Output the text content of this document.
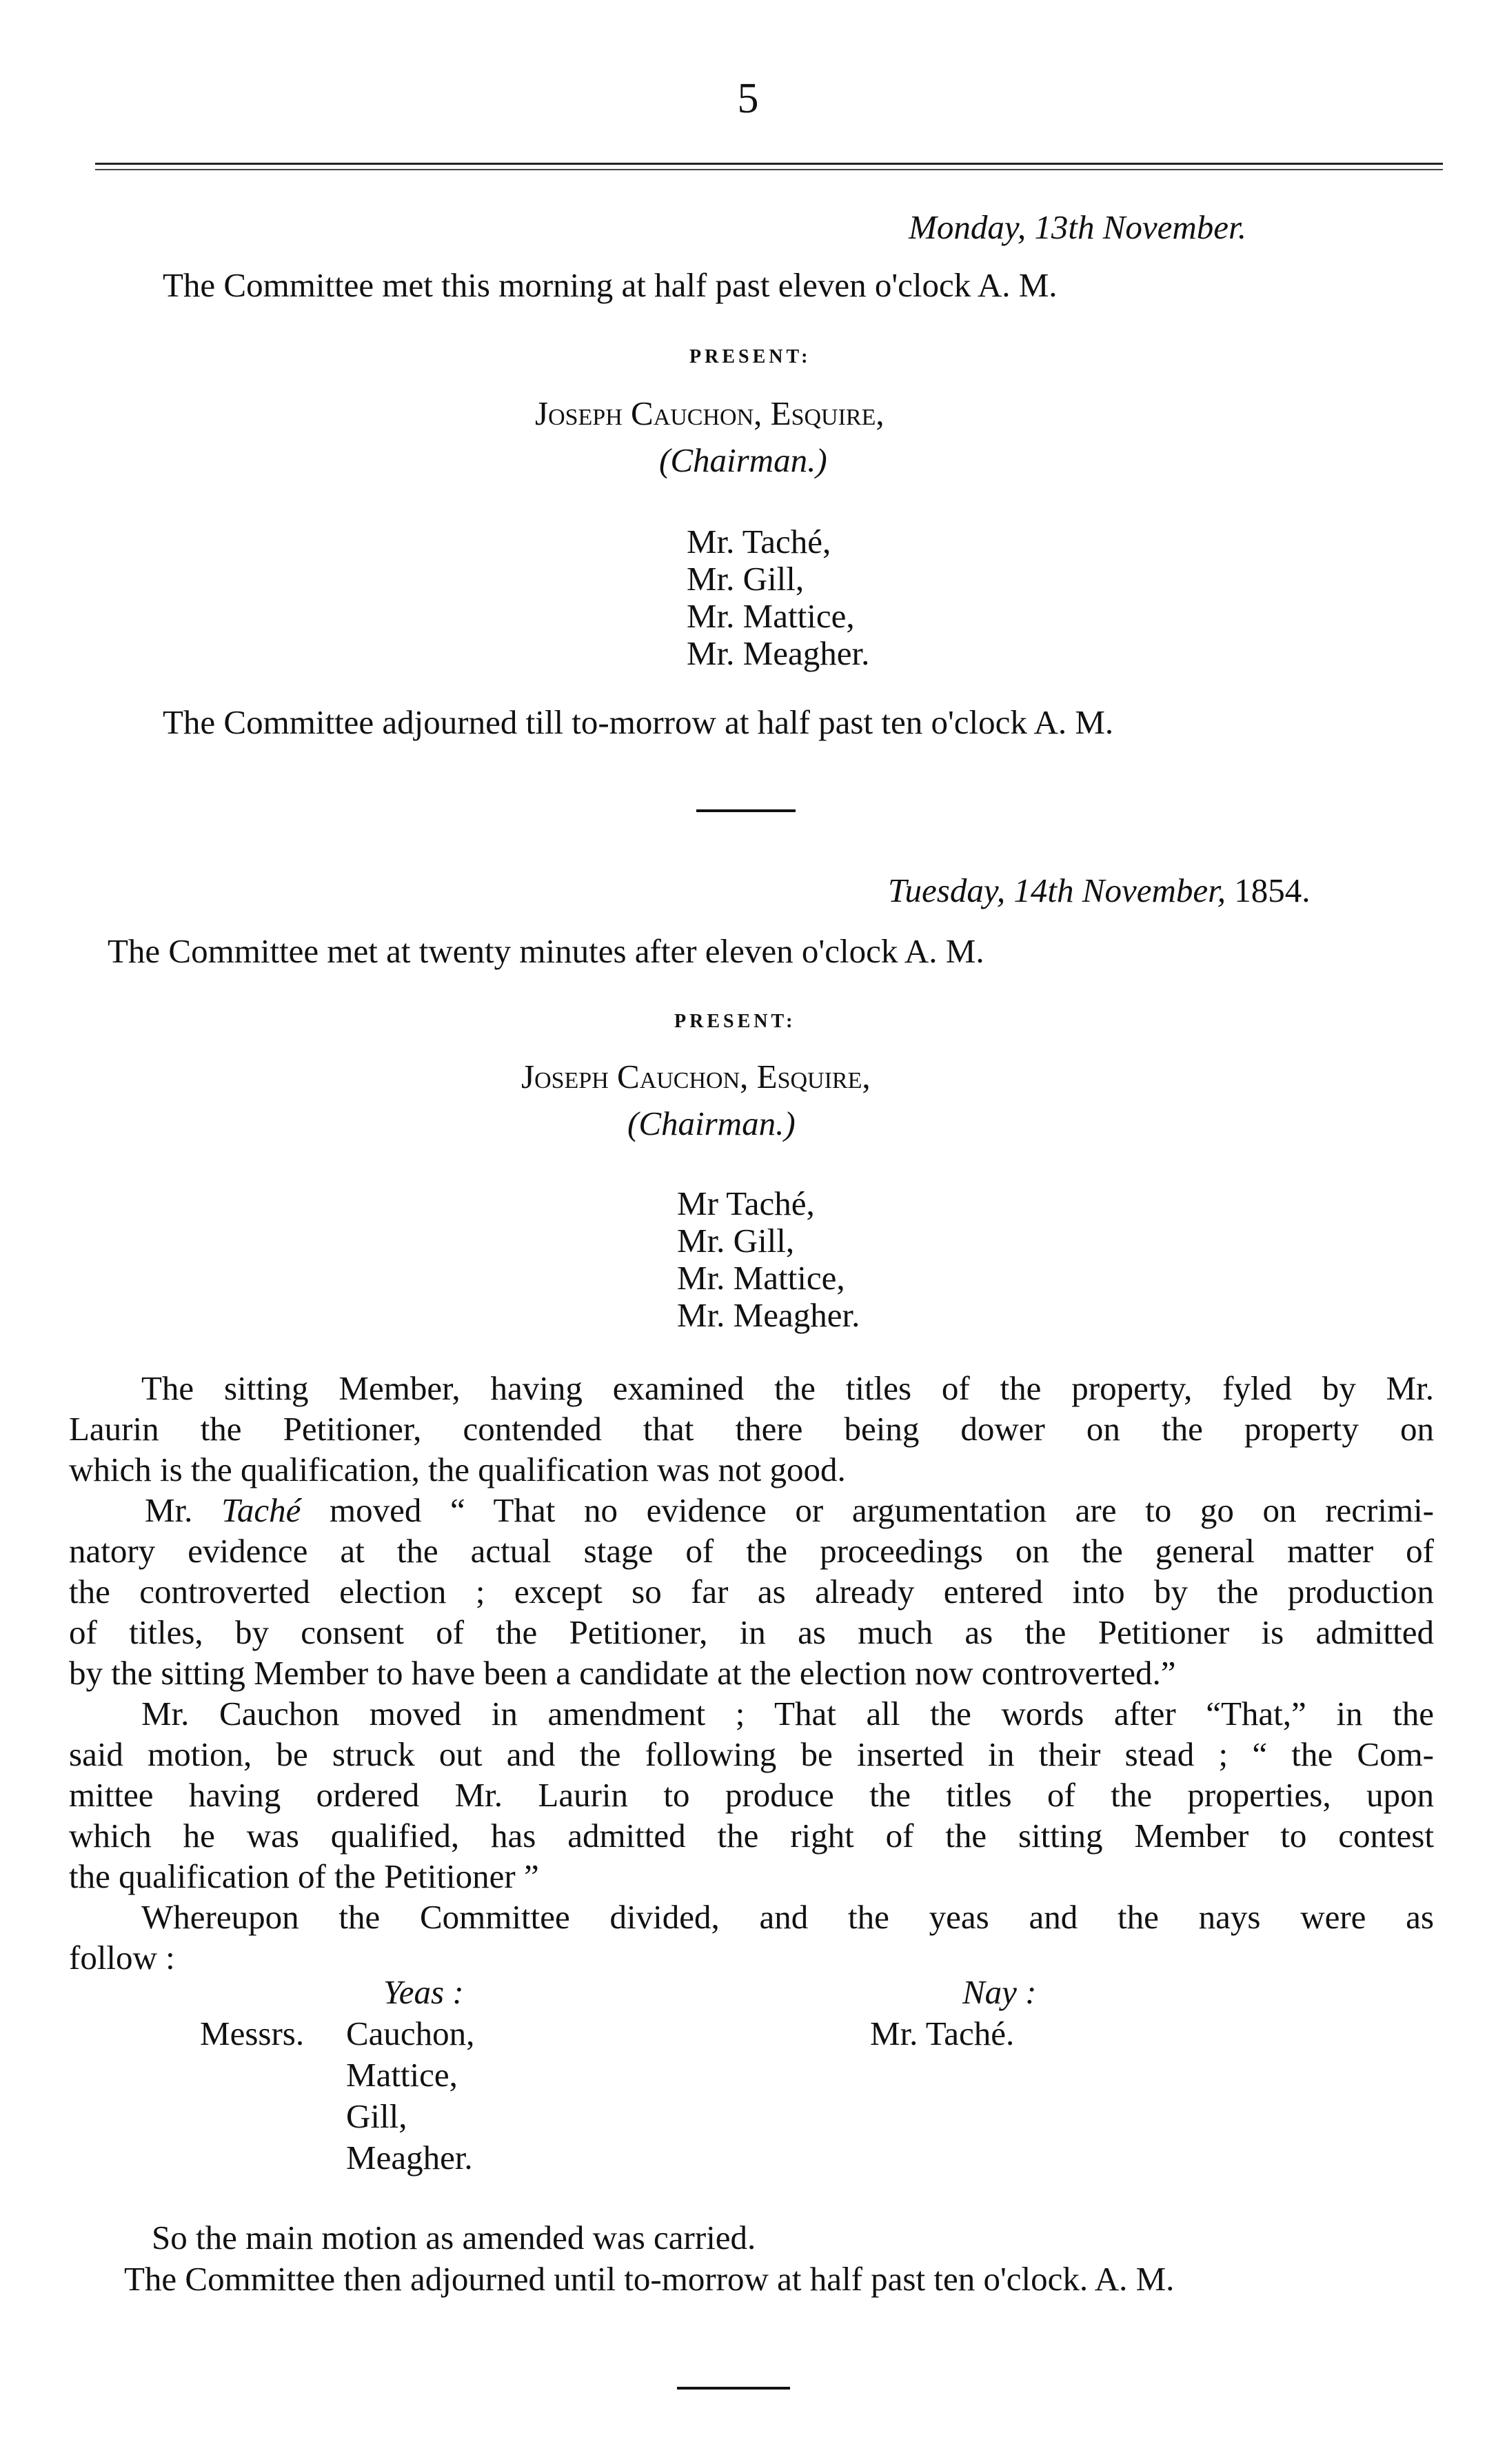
5
Monday, 13th November.
The Committee met this morning at half past eleven o'clock A. M.
PRESENT:
Joseph Cauchon, Esquire,
(Chairman.)
Mr. Taché,
Mr. Gill,
Mr. Mattice,
Mr. Meagher.
The Committee adjourned till to-morrow at half past ten o'clock A. M.
Tuesday, 14th November, 1854.
The Committee met at twenty minutes after eleven o'clock A. M.
PRESENT:
Joseph Cauchon, Esquire,
(Chairman.)
Mr Taché,
Mr. Gill,
Mr. Mattice,
Mr. Meagher.
The sitting Member, having examined the titles of the property, fyled by Mr.
Laurin the Petitioner, contended that there being dower on the property on
which is the qualification, the qualification was not good.
Mr. Taché moved “ That no evidence or argumentation are to go on recrimi-
natory evidence at the actual stage of the proceedings on the general matter of
the controverted election ; except so far as already entered into by the production
of titles, by consent of the Petitioner, in as much as the Petitioner is admitted
by the sitting Member to have been a candidate at the election now controverted.”
Mr. Cauchon moved in amendment ; That all the words after “That,” in the
said motion, be struck out and the following be inserted in their stead ; “ the Com-
mittee having ordered Mr. Laurin to produce the titles of the properties, upon
which he was qualified, has admitted the right of the sitting Member to contest
the qualification of the Petitioner ”
Whereupon the Committee divided, and the yeas and the nays were as
follow :
Yeas :	Nay :
Messrs. Cauchon,
Mattice,
Gill,
Meagher.
Mr. Taché.
So the main motion as amended was carried.
The Committee then adjourned until to-morrow at half past ten o'clock. A. M.
